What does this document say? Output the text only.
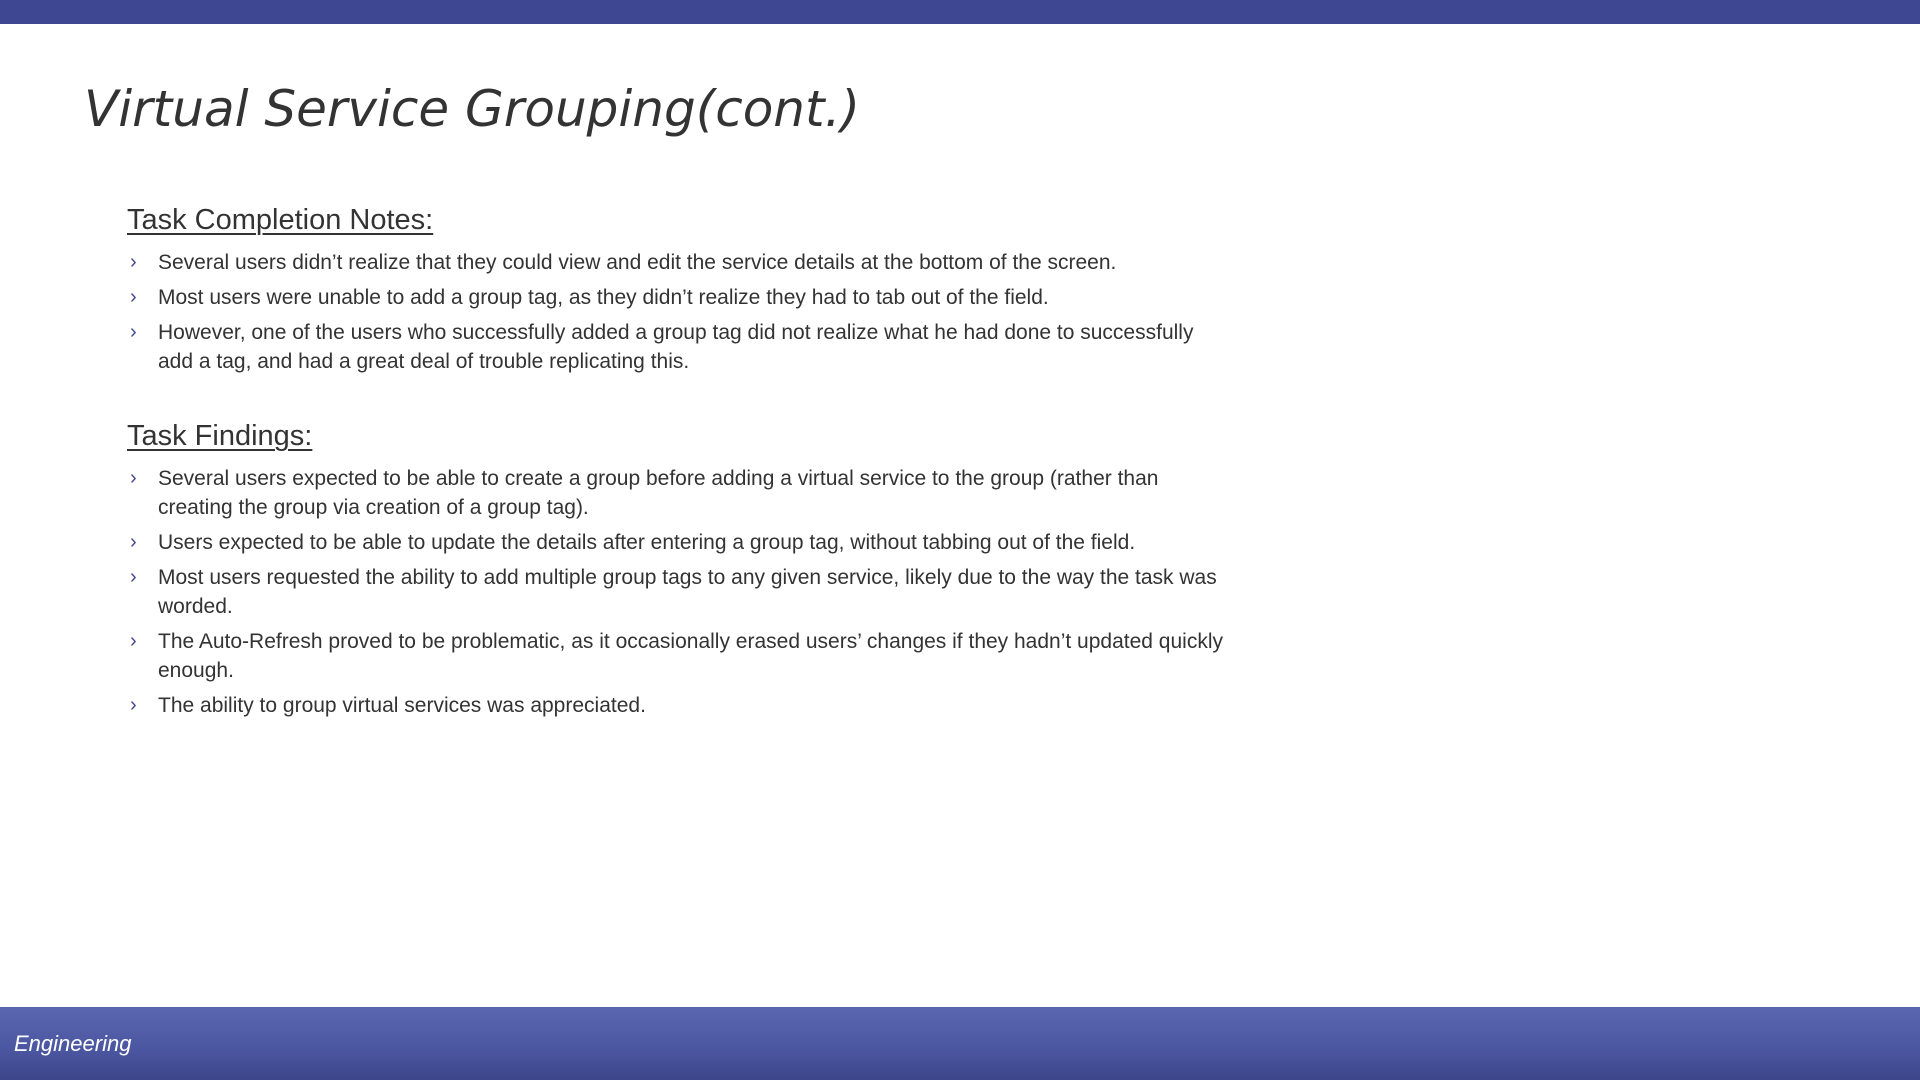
Virtual Service Grouping(cont.)
Task Completion Notes:
› Several users didn’t realize that they could view and edit the service details at the bottom of the screen.
› Most users were unable to add a group tag, as they didn’t realize they had to tab out of the field.
› However, one of the users who successfully added a group tag did not realize what he had done to successfully add a tag, and had a great deal of trouble replicating this.
Task Findings:
› Several users expected to be able to create a group before adding a virtual service to the group (rather than creating the group via creation of a group tag).
› Users expected to be able to update the details after entering a group tag, without tabbing out of the field.
› Most users requested the ability to add multiple group tags to any given service, likely due to the way the task was worded.
› The Auto-Refresh proved to be problematic, as it occasionally erased users’ changes if they hadn’t updated quickly enough.
› The ability to group virtual services was appreciated.
Engineering
